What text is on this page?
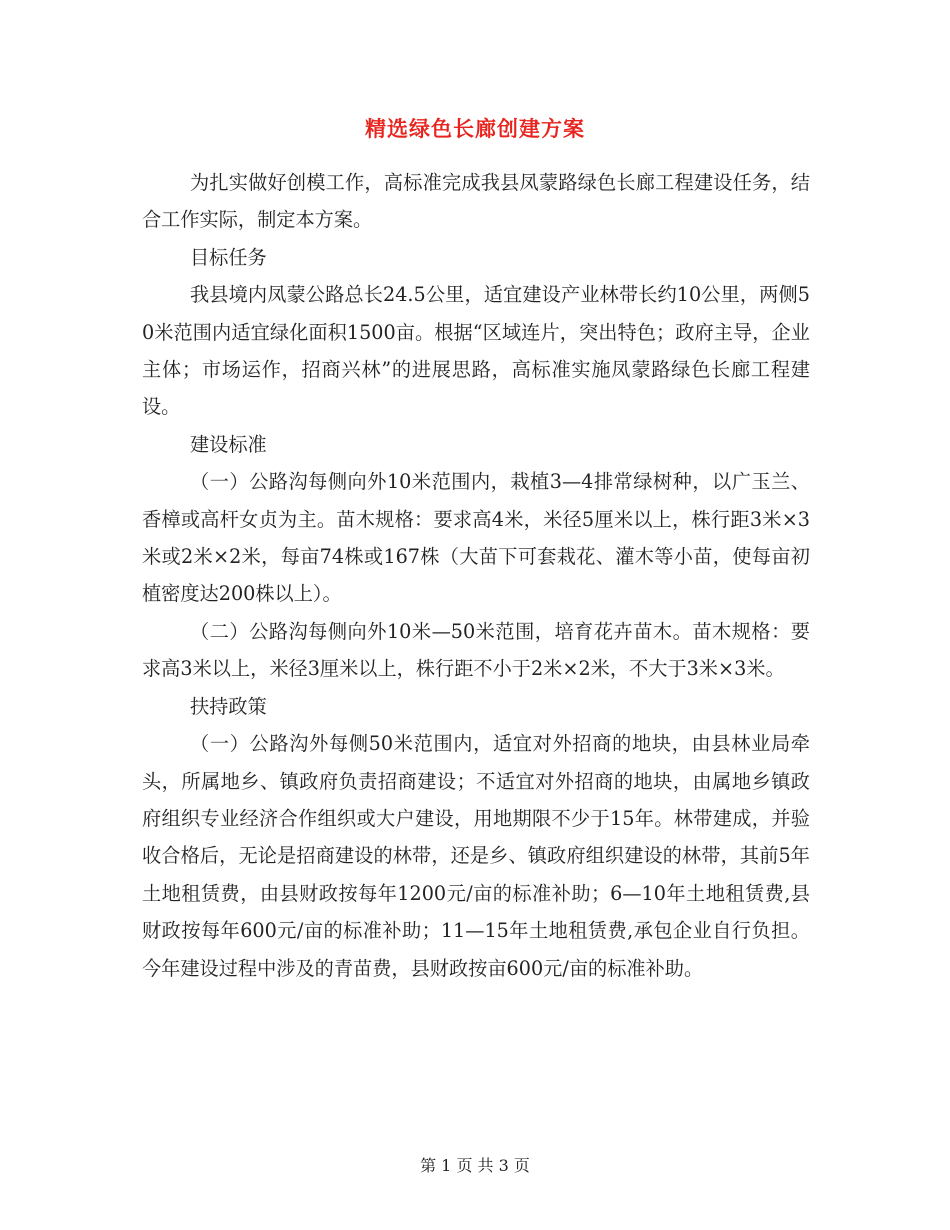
精选绿色长廊创建方案

为扎实做好创模工作，高标准完成我县凤蒙路绿色长廊工程建设任务，结合工作实际，制定本方案。

目标任务

我县境内凤蒙公路总长24.5公里，适宜建设产业林带长约10公里，两侧50米范围内适宜绿化面积1500亩。根据“区域连片，突出特色；政府主导，企业主体；市场运作，招商兴林”的进展思路，高标准实施凤蒙路绿色长廊工程建设。

建设标准

（一）公路沟每侧向外10米范围内，栽植3—4排常绿树种，以广玉兰、香樟或高杆女贞为主。苗木规格：要求高4米，米径5厘米以上，株行距3米×3米或2米×2米，每亩74株或167株（大苗下可套栽花、灌木等小苗，使每亩初植密度达200株以上）。

（二）公路沟每侧向外10米—50米范围，培育花卉苗木。苗木规格：要求高3米以上，米径3厘米以上，株行距不小于2米×2米，不大于3米×3米。

扶持政策

（一）公路沟外每侧50米范围内，适宜对外招商的地块，由县林业局牵头，所属地乡、镇政府负责招商建设；不适宜对外招商的地块，由属地乡镇政府组织专业经济合作组织或大户建设，用地期限不少于15年。林带建成，并验收合格后，无论是招商建设的林带，还是乡、镇政府组织建设的林带，其前5年土地租赁费，由县财政按每年1200元/亩的标准补助；6—10年土地租赁费,县财政按每年600元/亩的标准补助；11—15年土地租赁费,承包企业自行负担。今年建设过程中涉及的青苗费，县财政按亩600元/亩的标准补助。

第 1 页 共 3 页
